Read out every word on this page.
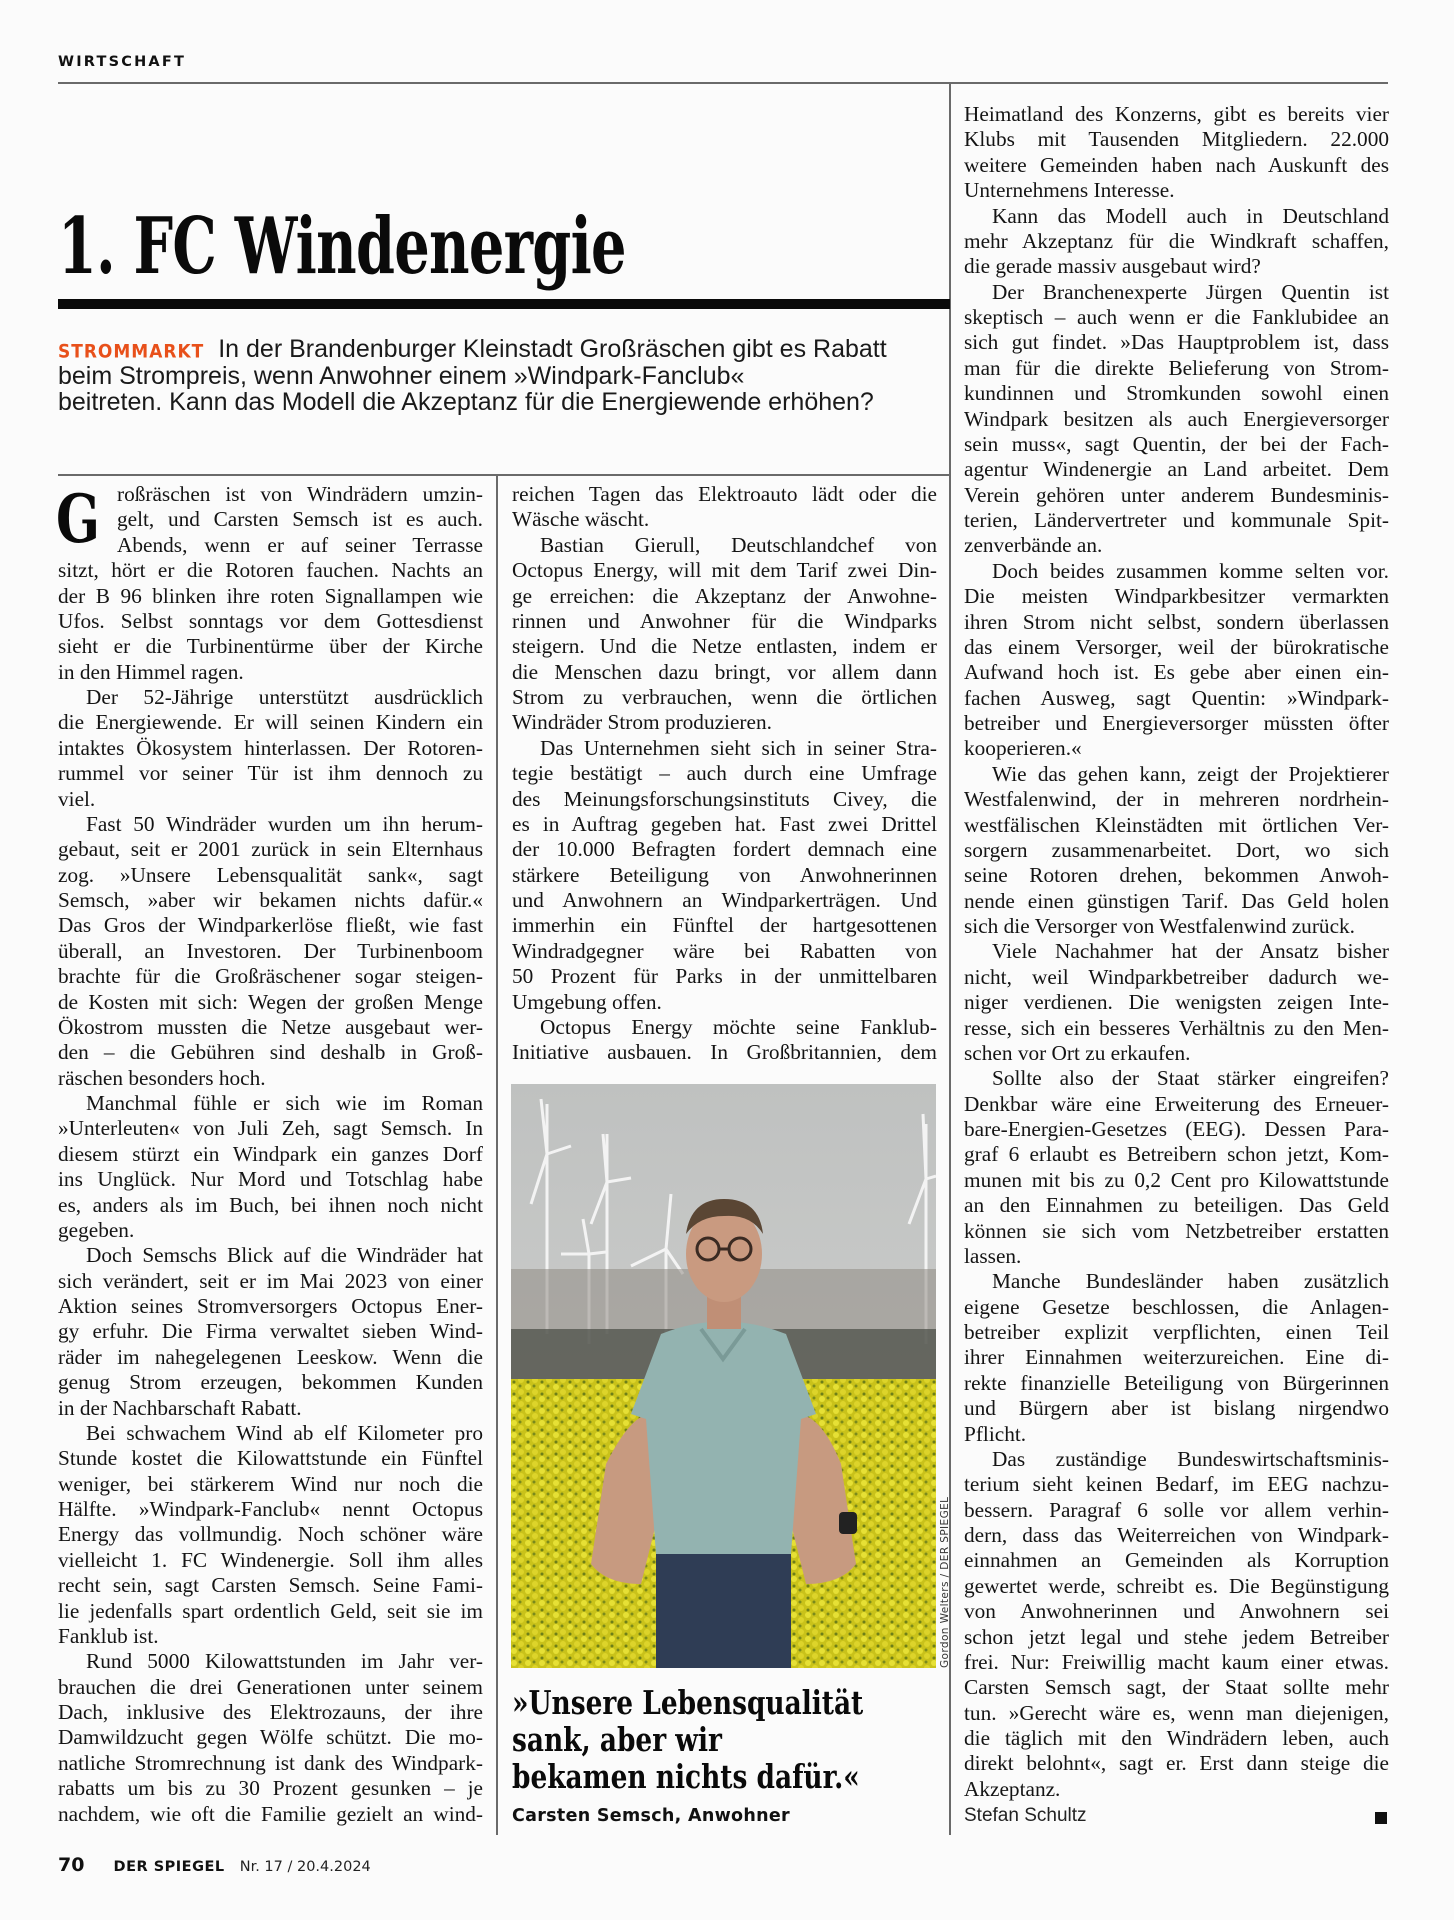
WIRTSCHAFT
1. FC Windenergie
STROMMARKT In der Brandenburger Kleinstadt Großräschen gibt es Rabatt
beim Strompreis, wenn Anwohner einem »Windpark-Fanclub«
beitreten. Kann das Modell die Akzeptanz für die Energiewende erhöhen?
G roßräschen ist von Windrädern umzin-
gelt, und Carsten Semsch ist es auch.
Abends, wenn er auf seiner Terrasse
sitzt, hört er die Rotoren fauchen. Nachts an
der B 96 blinken ihre roten Signallampen wie
Ufos. Selbst sonntags vor dem Gottesdienst
sieht er die Turbinentürme über der Kirche
in den Himmel ragen.
Der 52-Jährige unterstützt ausdrücklich
die Energiewende. Er will seinen Kindern ein
intaktes Ökosystem hinterlassen. Der Rotoren-
rummel vor seiner Tür ist ihm dennoch zu
viel.
Fast 50 Windräder wurden um ihn herum-
gebaut, seit er 2001 zurück in sein Elternhaus
zog. »Unsere Lebensqualität sank«, sagt
Semsch, »aber wir bekamen nichts dafür.«
Das Gros der Windparkerlöse fließt, wie fast
überall, an Investoren. Der Turbinenboom
brachte für die Großräschener sogar steigen-
de Kosten mit sich: Wegen der großen Menge
Ökostrom mussten die Netze ausgebaut wer-
den – die Gebühren sind deshalb in Groß-
räschen besonders hoch.
Manchmal fühle er sich wie im Roman
»Unterleuten« von Juli Zeh, sagt Semsch. In
diesem stürzt ein Windpark ein ganzes Dorf
ins Unglück. Nur Mord und Totschlag habe
es, anders als im Buch, bei ihnen noch nicht
gegeben.
Doch Semschs Blick auf die Windräder hat
sich verändert, seit er im Mai 2023 von einer
Aktion seines Stromversorgers Octopus Ener-
gy erfuhr. Die Firma verwaltet sieben Wind-
räder im nahegelegenen Leeskow. Wenn die
genug Strom erzeugen, bekommen Kunden
in der Nachbarschaft Rabatt.
Bei schwachem Wind ab elf Kilometer pro
Stunde kostet die Kilowattstunde ein Fünftel
weniger, bei stärkerem Wind nur noch die
Hälfte. »Windpark-Fanclub« nennt Octopus
Energy das vollmundig. Noch schöner wäre
vielleicht 1. FC Windenergie. Soll ihm alles
recht sein, sagt Carsten Semsch. Seine Fami-
lie jedenfalls spart ordentlich Geld, seit sie im
Fanklub ist.
Rund 5000 Kilowattstunden im Jahr ver-
brauchen die drei Generationen unter seinem
Dach, inklusive des Elektrozauns, der ihre
Damwildzucht gegen Wölfe schützt. Die mo-
natliche Stromrechnung ist dank des Windpark-
rabatts um bis zu 30 Prozent gesunken – je
nachdem, wie oft die Familie gezielt an wind-
reichen Tagen das Elektroauto lädt oder die
Wäsche wäscht.
Bastian Gierull, Deutschlandchef von
Octopus Energy, will mit dem Tarif zwei Din-
ge erreichen: die Akzeptanz der Anwohne-
rinnen und Anwohner für die Windparks
steigern. Und die Netze entlasten, indem er
die Menschen dazu bringt, vor allem dann
Strom zu verbrauchen, wenn die örtlichen
Windräder Strom produzieren.
Das Unternehmen sieht sich in seiner Stra-
tegie bestätigt – auch durch eine Umfrage
des Meinungsforschungsinstituts Civey, die
es in Auftrag gegeben hat. Fast zwei Drittel
der 10.000 Befragten fordert demnach eine
stärkere Beteiligung von Anwohnerinnen
und Anwohnern an Windparkerträgen. Und
immerhin ein Fünftel der hartgesottenen
Windradgegner wäre bei Rabatten von
50 Prozent für Parks in der unmittelbaren
Umgebung offen.
Octopus Energy möchte seine Fanklub-
Initiative ausbauen. In Großbritannien, dem
Heimatland des Konzerns, gibt es bereits vier
Klubs mit Tausenden Mitgliedern. 22.000
weitere Gemeinden haben nach Auskunft des
Unternehmens Interesse.
Kann das Modell auch in Deutschland
mehr Akzeptanz für die Windkraft schaffen,
die gerade massiv ausgebaut wird?
Der Branchenexperte Jürgen Quentin ist
skeptisch – auch wenn er die Fanklubidee an
sich gut findet. »Das Hauptproblem ist, dass
man für die direkte Belieferung von Strom-
kundinnen und Stromkunden sowohl einen
Windpark besitzen als auch Energieversorger
sein muss«, sagt Quentin, der bei der Fach-
agentur Windenergie an Land arbeitet. Dem
Verein gehören unter anderem Bundesminis-
terien, Ländervertreter und kommunale Spit-
zenverbände an.
Doch beides zusammen komme selten vor.
Die meisten Windparkbesitzer vermarkten
ihren Strom nicht selbst, sondern überlassen
das einem Versorger, weil der bürokratische
Aufwand hoch ist. Es gebe aber einen ein-
fachen Ausweg, sagt Quentin: »Windpark-
betreiber und Energieversorger müssten öfter
kooperieren.«
Wie das gehen kann, zeigt der Projektierer
Westfalenwind, der in mehreren nordrhein-
westfälischen Kleinstädten mit örtlichen Ver-
sorgern zusammenarbeitet. Dort, wo sich
seine Rotoren drehen, bekommen Anwoh-
nende einen günstigen Tarif. Das Geld holen
sich die Versorger von Westfalenwind zurück.
Viele Nachahmer hat der Ansatz bisher
nicht, weil Windparkbetreiber dadurch we-
niger verdienen. Die wenigsten zeigen Inte-
resse, sich ein besseres Verhältnis zu den Men-
schen vor Ort zu erkaufen.
Sollte also der Staat stärker eingreifen?
Denkbar wäre eine Erweiterung des Erneuer-
bare-Energien-Gesetzes (EEG). Dessen Para-
graf 6 erlaubt es Betreibern schon jetzt, Kom-
munen mit bis zu 0,2 Cent pro Kilowattstunde
an den Einnahmen zu beteiligen. Das Geld
können sie sich vom Netzbetreiber erstatten
lassen.
Manche Bundesländer haben zusätzlich
eigene Gesetze beschlossen, die Anlagen-
betreiber explizit verpflichten, einen Teil
ihrer Einnahmen weiterzureichen. Eine di-
rekte finanzielle Beteiligung von Bürgerinnen
und Bürgern aber ist bislang nirgendwo
Pflicht.
Das zuständige Bundeswirtschaftsminis-
terium sieht keinen Bedarf, im EEG nachzu-
bessern. Paragraf 6 solle vor allem verhin-
dern, dass das Weiterreichen von Windpark-
einnahmen an Gemeinden als Korruption
gewertet werde, schreibt es. Die Begünstigung
von Anwohnerinnen und Anwohnern sei
schon jetzt legal und stehe jedem Betreiber
frei. Nur: Freiwillig macht kaum einer etwas.
Carsten Semsch sagt, der Staat sollte mehr
tun. »Gerecht wäre es, wenn man diejenigen,
die täglich mit den Windrädern leben, auch
direkt belohnt«, sagt er. Erst dann steige die
Akzeptanz.
Stefan Schultz
Gordon Welters / DER SPIEGEL
»Unsere Lebensqualität
sank, aber wir
bekamen nichts dafür.«
Carsten Semsch, Anwohner
70 DER SPIEGEL Nr. 17 / 20.4.2024
